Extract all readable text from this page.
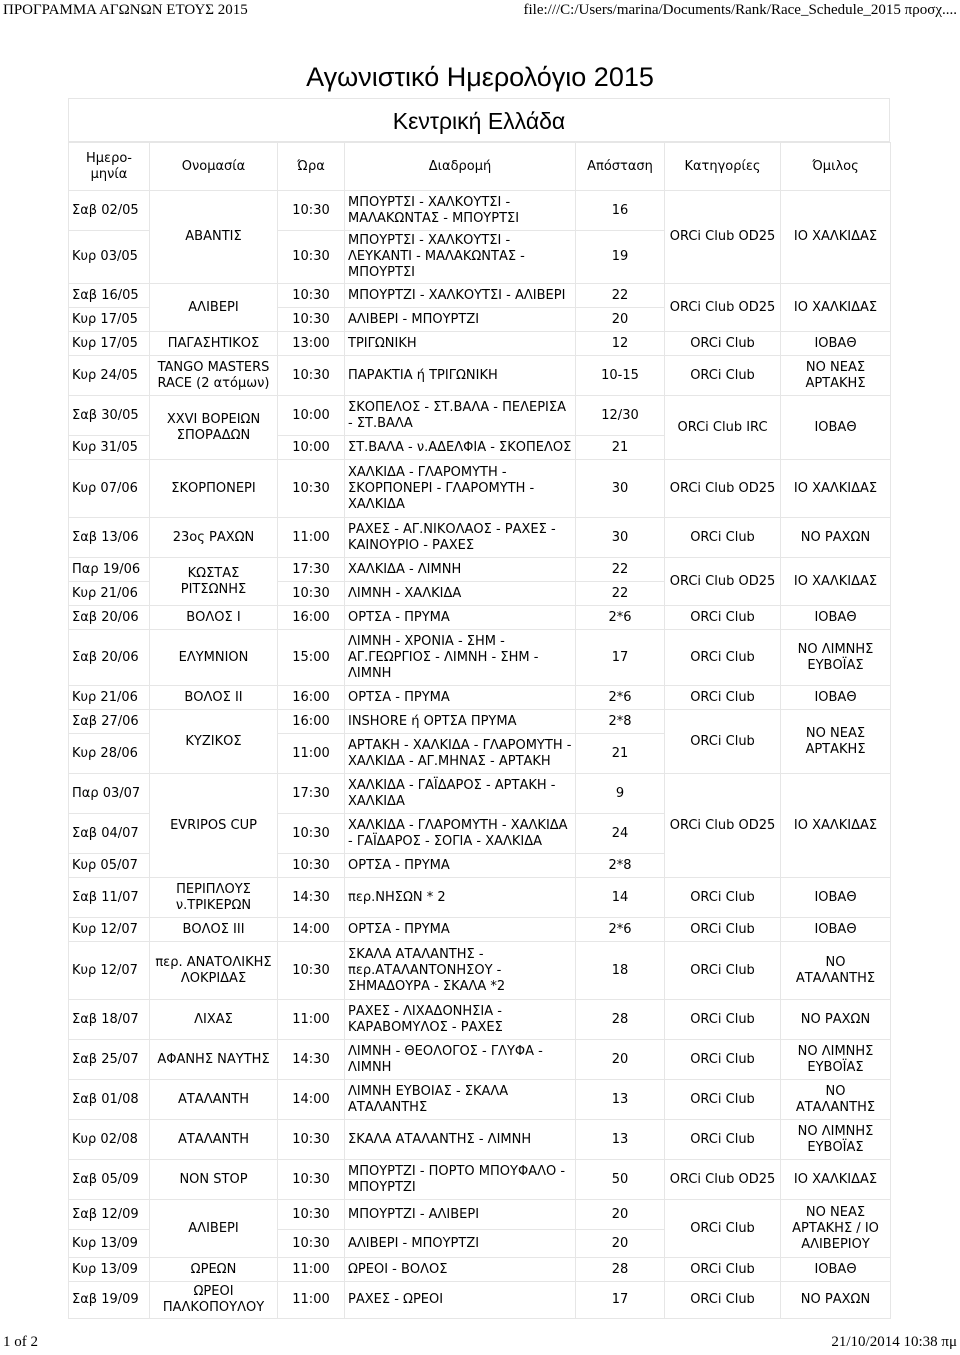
ΠΡΟΓΡΑΜΜΑ ΑΓΩΝΩΝ ΕΤΟΥΣ 2015	file:///C:/Users/marina/Documents/Rank/Race_Schedule_2015 προσχ....
Αγωνιστικό Ημερολόγιο 2015
Κεντρική Ελλάδα
Ημερο-μηνία	Ονομασία	Ώρα	Διαδρομή	Απόσταση	Κατηγορίες	Όμιλος
Σαβ 02/05	ΑΒΑΝΤΙΣ	10:30	ΜΠΟΥΡΤΣΙ - ΧΑΛΚΟΥΤΣΙ - ΜΑΛΑΚΩΝΤΑΣ - ΜΠΟΥΡΤΣΙ	16	ORCi Club OD25	ΙΟ ΧΑΛΚΙΔΑΣ
Κυρ 03/05		10:30	ΜΠΟΥΡΤΣΙ - ΧΑΛΚΟΥΤΣΙ - ΛΕΥΚΑΝΤΙ - ΜΑΛΑΚΩΝΤΑΣ - ΜΠΟΥΡΤΣΙ	19		
Σαβ 16/05	ΑΛΙΒΕΡΙ	10:30	ΜΠΟΥΡΤΖΙ - ΧΑΛΚΟΥΤΣΙ - ΑΛΙΒΕΡΙ	22	ORCi Club OD25	ΙΟ ΧΑΛΚΙΔΑΣ
Κυρ 17/05		10:30	ΑΛΙΒΕΡΙ - ΜΠΟΥΡΤΖΙ	20		
Κυρ 17/05	ΠΑΓΑΣΗΤΙΚΟΣ	13:00	ΤΡΙΓΩΝΙΚΗ	12	ORCi Club	ΙΟΒΑΘ
Κυρ 24/05	TANGO MASTERS RACE (2 ατόμων)	10:30	ΠΑΡΑΚΤΙΑ ή ΤΡΙΓΩΝΙΚΗ	10-15	ORCi Club	ΝΟ ΝΕΑΣ ΑΡΤΑΚΗΣ
Σαβ 30/05	XXVI ΒΟΡΕΙΩΝ ΣΠΟΡΑΔΩΝ	10:00	ΣΚΟΠΕΛΟΣ - ΣΤ.ΒΑΛΑ - ΠΕΛΕΡΙΣΑ - ΣΤ.ΒΑΛΑ	12/30	ORCi Club IRC	ΙΟΒΑΘ
Κυρ 31/05		10:00	ΣΤ.ΒΑΛΑ - ν.ΑΔΕΛΦΙΑ - ΣΚΟΠΕΛΟΣ	21		
Κυρ 07/06	ΣΚΟΡΠΟΝΕΡΙ	10:30	ΧΑΛΚΙΔΑ - ΓΛΑΡΟΜΥΤΗ - ΣΚΟΡΠΟΝΕΡΙ - ΓΛΑΡΟΜΥΤΗ - ΧΑΛΚΙΔΑ	30	ORCi Club OD25	ΙΟ ΧΑΛΚΙΔΑΣ
Σαβ 13/06	23ος ΡΑΧΩΝ	11:00	ΡΑΧΕΣ - ΑΓ.ΝΙΚΟΛΑΟΣ - ΡΑΧΕΣ - ΚΑΙΝΟΥΡΙΟ - ΡΑΧΕΣ	30	ORCi Club	ΝΟ ΡΑΧΩΝ
Παρ 19/06	ΚΩΣΤΑΣ ΡΙΤΣΩΝΗΣ	17:30	ΧΑΛΚΙΔΑ - ΛΙΜΝΗ	22	ORCi Club OD25	ΙΟ ΧΑΛΚΙΔΑΣ
Κυρ 21/06		10:30	ΛΙΜΝΗ - ΧΑΛΚΙΔΑ	22		
Σαβ 20/06	ΒΟΛΟΣ Ι	16:00	ΟΡΤΣΑ - ΠΡΥΜΑ	2*6	ORCi Club	ΙΟΒΑΘ
Σαβ 20/06	ΕΛΥΜΝΙΟΝ	15:00	ΛΙΜΝΗ - ΧΡΟΝΙΑ - ΣΗΜ - ΑΓ.ΓΕΩΡΓΙΟΣ - ΛΙΜΝΗ - ΣΗΜ - ΛΙΜΝΗ	17	ORCi Club	ΝΟ ΛΙΜΝΗΣ ΕΥΒΟΪΑΣ
Κυρ 21/06	ΒΟΛΟΣ ΙΙ	16:00	ΟΡΤΣΑ - ΠΡΥΜΑ	2*6	ORCi Club	ΙΟΒΑΘ
Σαβ 27/06	ΚΥΖΙΚΟΣ	16:00	INSHORE ή ΟΡΤΣΑ ΠΡΥΜΑ	2*8	ORCi Club	ΝΟ ΝΕΑΣ ΑΡΤΑΚΗΣ
Κυρ 28/06		11:00	ΑΡΤΑΚΗ - ΧΑΛΚΙΔΑ - ΓΛΑΡΟΜΥΤΗ - ΧΑΛΚΙΔΑ - ΑΓ.ΜΗΝΑΣ - ΑΡΤΑΚΗ	21		
Παρ 03/07	EVRIPOS CUP	17:30	ΧΑΛΚΙΔΑ - ΓΑΪΔΑΡΟΣ - ΑΡΤΑΚΗ - ΧΑΛΚΙΔΑ	9	ORCi Club OD25	ΙΟ ΧΑΛΚΙΔΑΣ
Σαβ 04/07		10:30	ΧΑΛΚΙΔΑ - ΓΛΑΡΟΜΥΤΗ - ΧΑΛΚΙΔΑ - ΓΑΪΔΑΡΟΣ - ΣΟΓΙΑ - ΧΑΛΚΙΔΑ	24		
Κυρ 05/07		10:30	ΟΡΤΣΑ - ΠΡΥΜΑ	2*8		
Σαβ 11/07	ΠΕΡΙΠΛΟΥΣ ν.ΤΡΙΚΕΡΩΝ	14:30	περ.ΝΗΣΩΝ * 2	14	ORCi Club	ΙΟΒΑΘ
Κυρ 12/07	ΒΟΛΟΣ ΙΙΙ	14:00	ΟΡΤΣΑ - ΠΡΥΜΑ	2*6	ORCi Club	ΙΟΒΑΘ
Κυρ 12/07	περ. ΑΝΑΤΟΛΙΚΗΣ ΛΟΚΡΙΔΑΣ	10:30	ΣΚΑΛΑ ΑΤΑΛΑΝΤΗΣ - περ.ΑΤΑΛΑΝΤΟΝΗΣΟΥ - ΣΗΜΑΔΟΥΡΑ - ΣΚΑΛΑ *2	18	ORCi Club	ΝΟ ΑΤΑΛΑΝΤΗΣ
Σαβ 18/07	ΛΙΧΑΣ	11:00	ΡΑΧΕΣ - ΛΙΧΑΔΟΝΗΣΙΑ - ΚΑΡΑΒΟΜΥΛΟΣ - ΡΑΧΕΣ	28	ORCi Club	ΝΟ ΡΑΧΩΝ
Σαβ 25/07	ΑΦΑΝΗΣ ΝΑΥΤΗΣ	14:30	ΛΙΜΝΗ - ΘΕΟΛΟΓΟΣ - ΓΛΥΦΑ - ΛΙΜΝΗ	20	ORCi Club	ΝΟ ΛΙΜΝΗΣ ΕΥΒΟΪΑΣ
Σαβ 01/08	ΑΤΑΛΑΝΤΗ	14:00	ΛΙΜΝΗ ΕΥΒΟΙΑΣ - ΣΚΑΛΑ ΑΤΑΛΑΝΤΗΣ	13	ORCi Club	ΝΟ ΑΤΑΛΑΝΤΗΣ
Κυρ 02/08	ΑΤΑΛΑΝΤΗ	10:30	ΣΚΑΛΑ ΑΤΑΛΑΝΤΗΣ - ΛΙΜΝΗ	13	ORCi Club	ΝΟ ΛΙΜΝΗΣ ΕΥΒΟΪΑΣ
Σαβ 05/09	NON STOP	10:30	ΜΠΟΥΡΤΖΙ - ΠΟΡΤΟ ΜΠΟΥΦΑΛΟ - ΜΠΟΥΡΤΖΙ	50	ORCi Club OD25	ΙΟ ΧΑΛΚΙΔΑΣ
Σαβ 12/09	ΑΛΙΒΕΡΙ	10:30	ΜΠΟΥΡΤΖΙ - ΑΛΙΒΕΡΙ	20	ORCi Club	ΝΟ ΝΕΑΣ ΑΡΤΑΚΗΣ / ΙΟ ΑΛΙΒΕΡΙΟΥ
Κυρ 13/09		10:30	ΑΛΙΒΕΡΙ - ΜΠΟΥΡΤΖΙ	20		
Κυρ 13/09	ΩΡΕΩΝ	11:00	ΩΡΕΟΙ - ΒΟΛΟΣ	28	ORCi Club	ΙΟΒΑΘ
Σαβ 19/09	ΩΡΕΟΙ ΠΑΛΚΟΠΟΥΛΟΥ	11:00	ΡΑΧΕΣ - ΩΡΕΟΙ	17	ORCi Club	ΝΟ ΡΑΧΩΝ
1 of 2	21/10/2014 10:38 πμ
